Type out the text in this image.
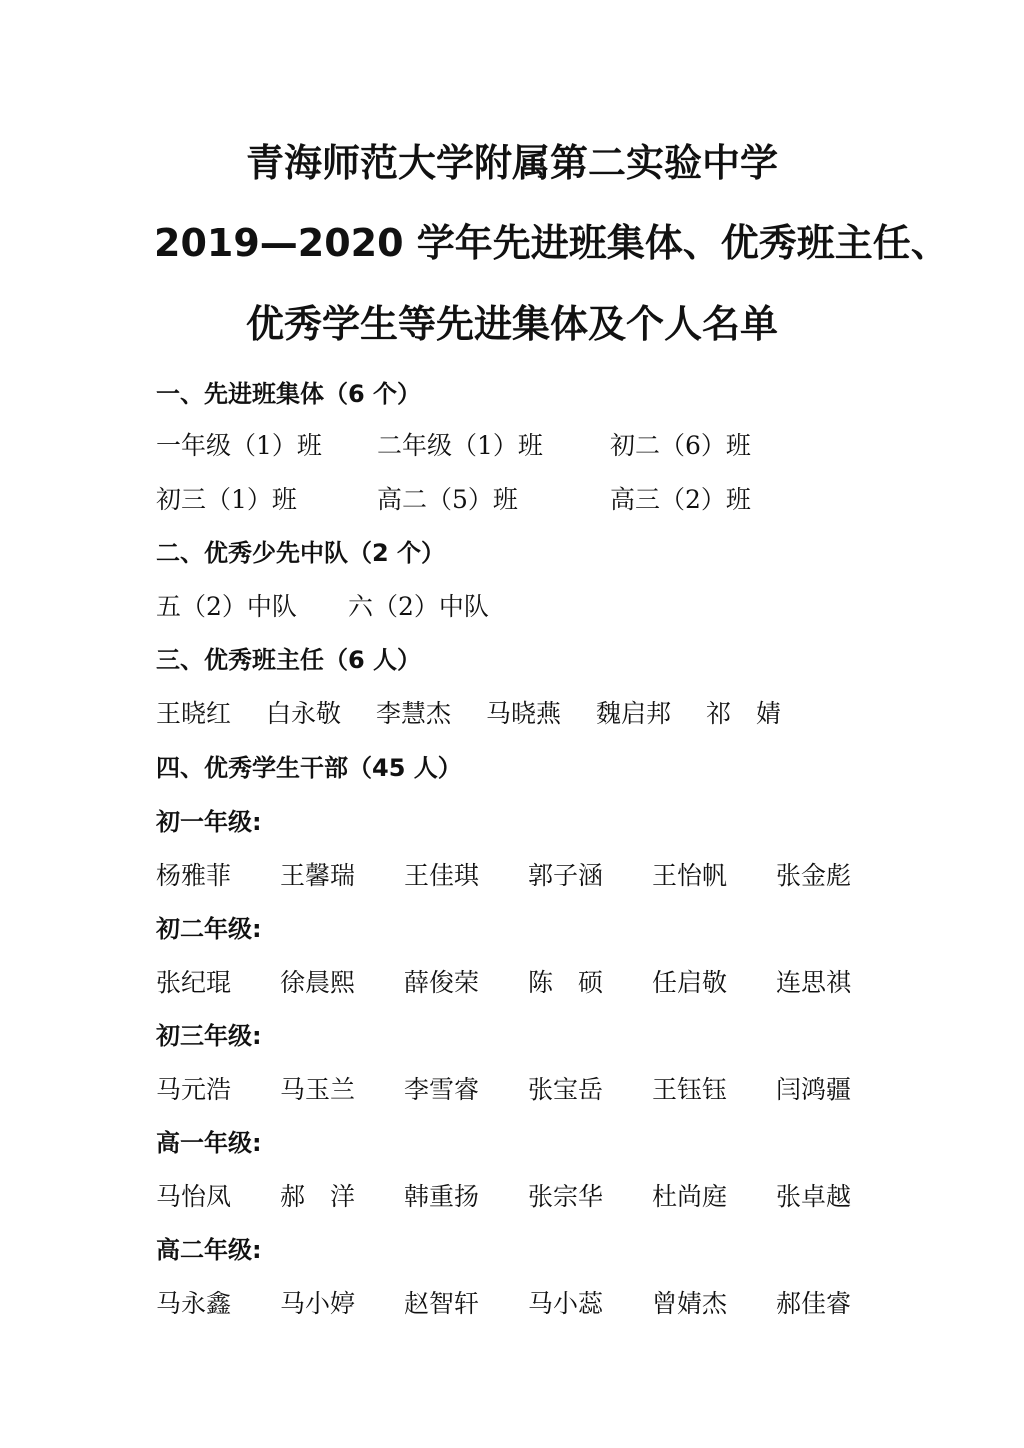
青海师范大学附属第二实验中学
2019—2020 学年先进班集体、优秀班主任、
优秀学生等先进集体及个人名单
一、先进班集体（6 个）
一年级（1）班 二年级（1）班	初二（6）班
初三（1）班	高二（5）班	高三（2）班
二、优秀少先中队（2 个）
五（2）中队 六（2）中队
三、优秀班主任（6 人）
王晓红 白永敬 李慧杰 马晓燕 魏启邦 祁　婧
四、优秀学生干部（45 人）
初一年级:
杨雅菲 王馨瑞 王佳琪 郭子涵 王怡帆 张金彪
初二年级:
张纪琨 徐晨熙 薛俊荣 陈　硕 任启敬 连思祺
初三年级:
马元浩 马玉兰 李雪睿 张宝岳 王钰钰 闫鸿疆
高一年级:
马怡凤 郝　洋 韩重扬 张宗华 杜尚庭 张卓越
高二年级:
马永鑫 马小婷 赵智轩 马小蕊 曾婧杰 郝佳睿
